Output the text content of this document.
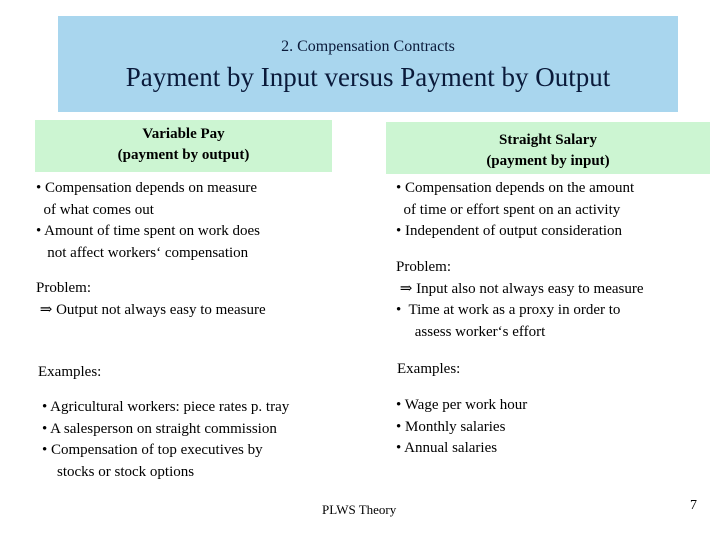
2. Compensation Contracts
Payment by Input versus Payment by Output
Variable Pay
(payment by output)
Straight Salary
(payment by input)
• Compensation depends on measure
of what comes out
• Amount of time spent on work does
not affect workers‘ compensation
Problem:
⇒ Output not always easy to measure
Examples:
• Agricultural workers: piece rates p. tray
• A salesperson on straight commission
• Compensation of top executives by
stocks or stock options
• Compensation depends on the amount
of time or effort spent on an activity
• Independent of output consideration
Problem:
⇒ Input also not always easy to measure
•  Time at work as a proxy in order to
assess worker‘s effort
Examples:
• Wage per work hour
• Monthly salaries
• Annual salaries
PLWS Theory	7
